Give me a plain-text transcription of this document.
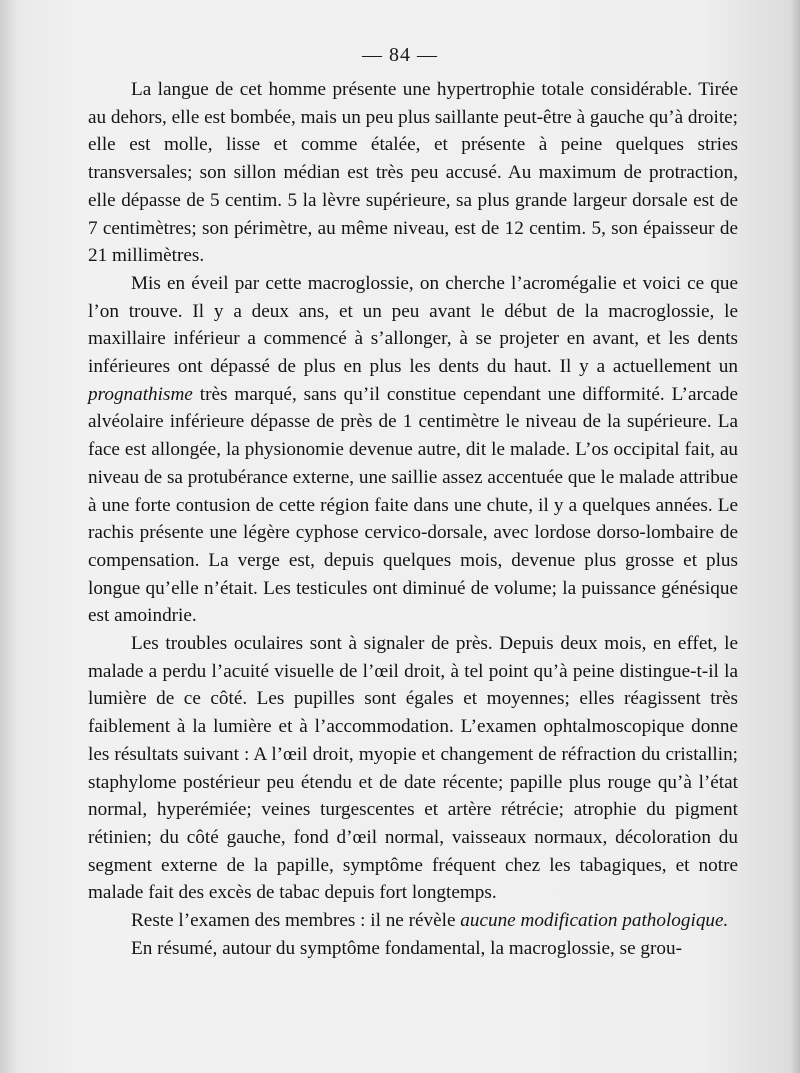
— 84 —

La langue de cet homme présente une hypertrophie totale considérable. Tirée au dehors, elle est bombée, mais un peu plus saillante peut-être à gauche qu’à droite; elle est molle, lisse et comme étalée, et présente à peine quelques stries transversales; son sillon médian est très peu accusé. Au maximum de protraction, elle dépasse de 5 centim. 5 la lèvre supérieure, sa plus grande largeur dorsale est de 7 centimètres; son périmètre, au même niveau, est de 12 centim. 5, son épaisseur de 21 millimètres.

Mis en éveil par cette macroglossie, on cherche l’acromégalie et voici ce que l’on trouve. Il y a deux ans, et un peu avant le début de la macroglossie, le maxillaire inférieur a commencé à s’allonger, à se projeter en avant, et les dents inférieures ont dépassé de plus en plus les dents du haut. Il y a actuellement un prognathisme très marqué, sans qu’il constitue cependant une difformité. L’arcade alvéolaire inférieure dépasse de près de 1 centimètre le niveau de la supérieure. La face est allongée, la physionomie devenue autre, dit le malade. L’os occipital fait, au niveau de sa protubérance externe, une saillie assez accentuée que le malade attribue à une forte contusion de cette région faite dans une chute, il y a quelques années. Le rachis présente une légère cyphose cervico-dorsale, avec lordose dorso-lombaire de compensation. La verge est, depuis quelques mois, devenue plus grosse et plus longue qu’elle n’était. Les testicules ont diminué de volume; la puissance génésique est amoindrie.

Les troubles oculaires sont à signaler de près. Depuis deux mois, en effet, le malade a perdu l’acuité visuelle de l’œil droit, à tel point qu’à peine distingue-t-il la lumière de ce côté. Les pupilles sont égales et moyennes; elles réagissent très faiblement à la lumière et à l’accommodation. L’examen ophtalmoscopique donne les résultats suivant : A l’œil droit, myopie et changement de réfraction du cristallin; staphylome postérieur peu étendu et de date récente; papille plus rouge qu’à l’état normal, hyperémiée; veines turgescentes et artère rétrécie; atrophie du pigment rétinien; du côté gauche, fond d’œil normal, vaisseaux normaux, décoloration du segment externe de la papille, symptôme fréquent chez les tabagiques, et notre malade fait des excès de tabac depuis fort longtemps.

Reste l’examen des membres : il ne révèle aucune modification pathologique.

En résumé, autour du symptôme fondamental, la macroglossie, se grou-
